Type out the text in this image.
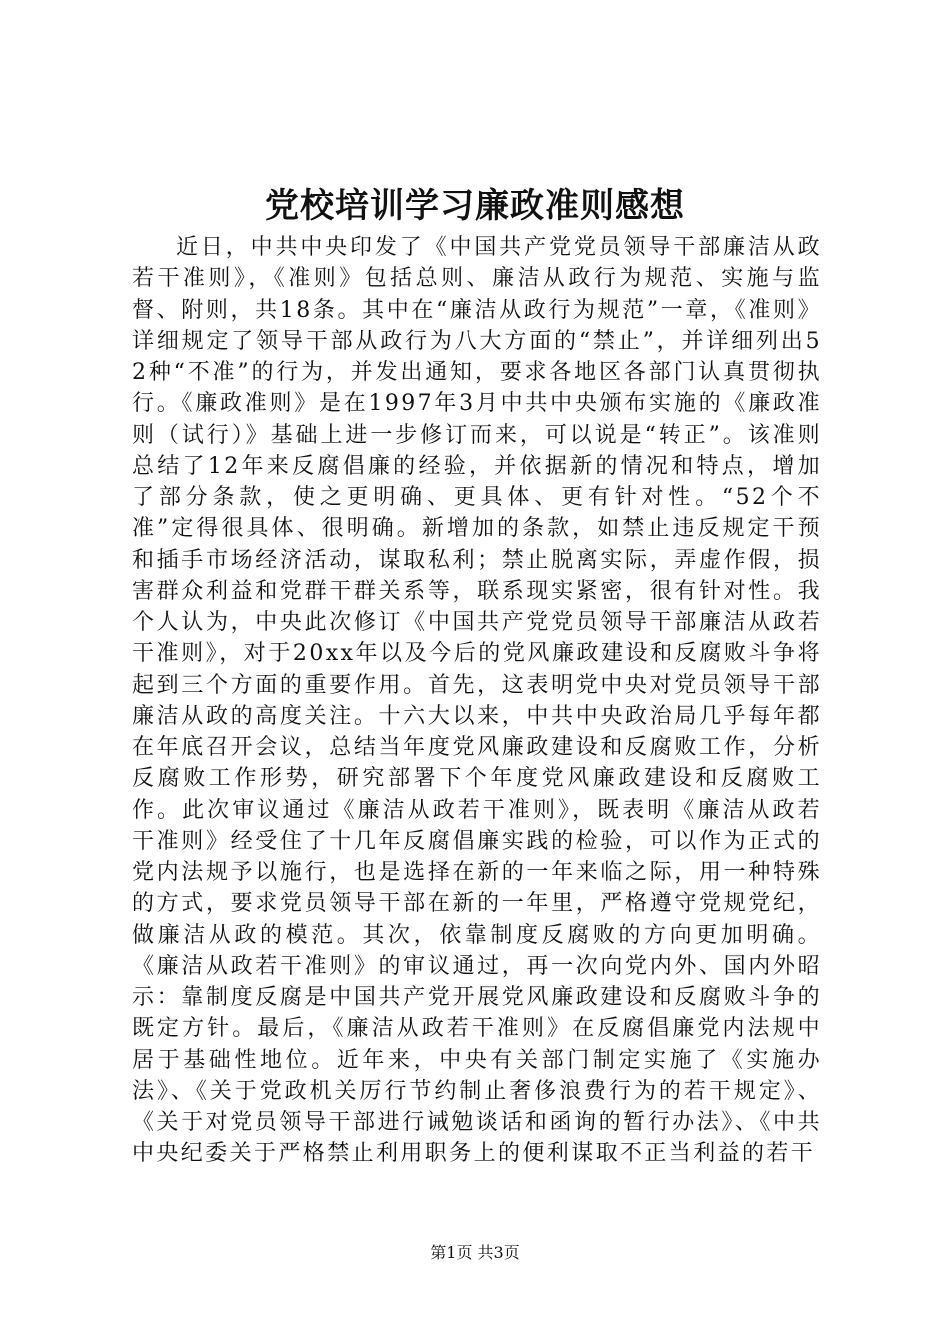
党校培训学习廉政准则感想

近日，中共中央印发了《中国共产党党员领导干部廉洁从政若干准则》，《准则》包括总则、廉洁从政行为规范、实施与监督、附则，共18条。其中在“廉洁从政行为规范”一章，《准则》详细规定了领导干部从政行为八大方面的“禁止”，并详细列出52种“不准”的行为，并发出通知，要求各地区各部门认真贯彻执行。《廉政准则》是在1997年3月中共中央颁布实施的《廉政准则（试行）》基础上进一步修订而来，可以说是“转正”。该准则总结了12年来反腐倡廉的经验，并依据新的情况和特点，增加了部分条款，使之更明确、更具体、更有针对性。“52个不准”定得很具体、很明确。新增加的条款，如禁止违反规定干预和插手市场经济活动，谋取私利；禁止脱离实际，弄虚作假，损害群众利益和党群干群关系等，联系现实紧密，很有针对性。我个人认为，中央此次修订《中国共产党党员领导干部廉洁从政若干准则》，对于20xx年以及今后的党风廉政建设和反腐败斗争将起到三个方面的重要作用。首先，这表明党中央对党员领导干部廉洁从政的高度关注。十六大以来，中共中央政治局几乎每年都在年底召开会议，总结当年度党风廉政建设和反腐败工作，分析反腐败工作形势，研究部署下个年度党风廉政建设和反腐败工作。此次审议通过《廉洁从政若干准则》，既表明《廉洁从政若干准则》经受住了十几年反腐倡廉实践的检验，可以作为正式的党内法规予以施行，也是选择在新的一年来临之际，用一种特殊的方式，要求党员领导干部在新的一年里，严格遵守党规党纪，做廉洁从政的模范。其次，依靠制度反腐败的方向更加明确。《廉洁从政若干准则》的审议通过，再一次向党内外、国内外昭示：靠制度反腐是中国共产党开展党风廉政建设和反腐败斗争的既定方针。最后，《廉洁从政若干准则》在反腐倡廉党内法规中居于基础性地位。近年来，中央有关部门制定实施了《实施办法》、《关于党政机关厉行节约制止奢侈浪费行为的若干规定》、《关于对党员领导干部进行诫勉谈话和函询的暂行办法》、《中共中央纪委关于严格禁止利用职务上的便利谋取不正当利益的若干

第1页 共3页
